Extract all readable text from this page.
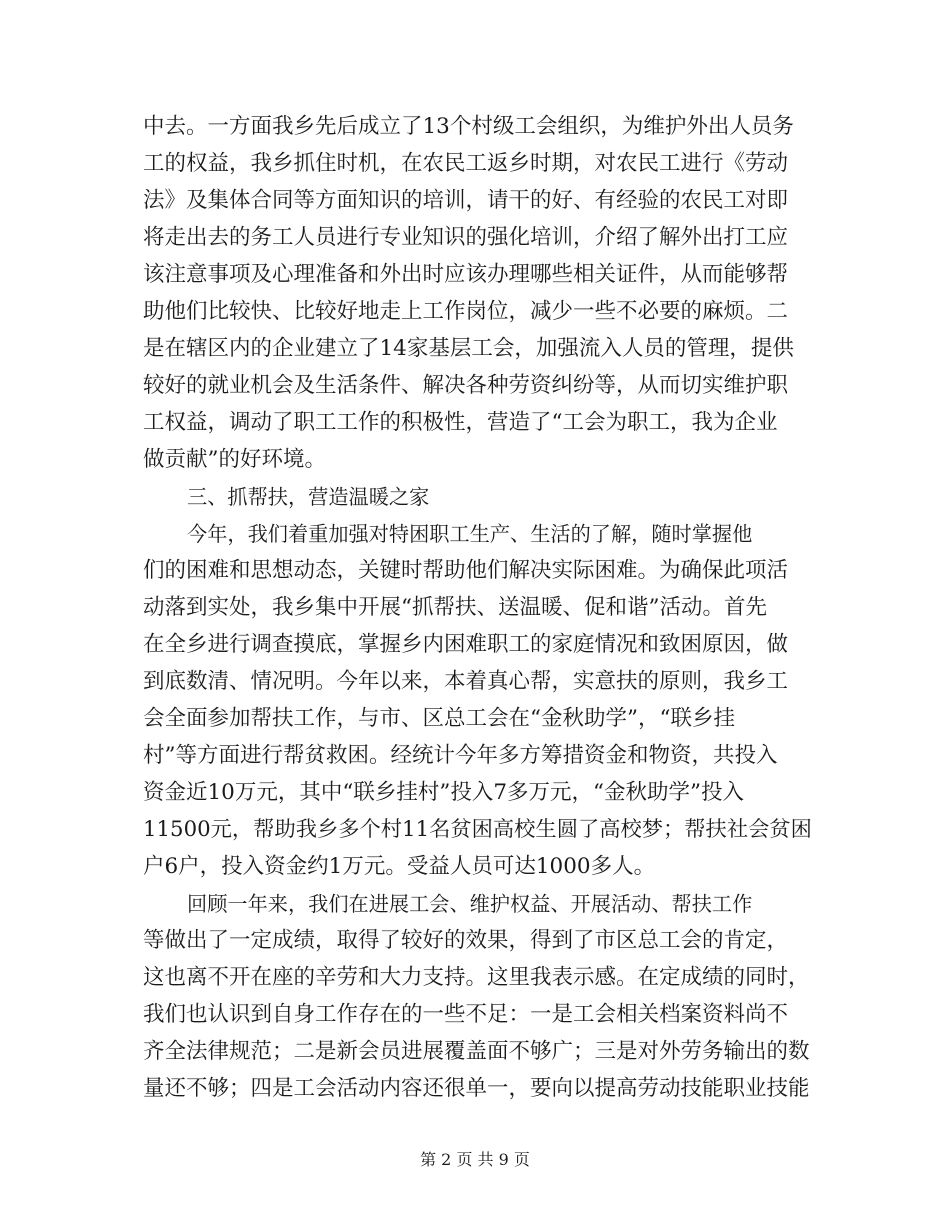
中去。一方面我乡先后成立了13个村级工会组织，为维护外出人员务
工的权益，我乡抓住时机，在农民工返乡时期，对农民工进行《劳动
法》及集体合同等方面知识的培训，请干的好、有经验的农民工对即
将走出去的务工人员进行专业知识的强化培训，介绍了解外出打工应
该注意事项及心理准备和外出时应该办理哪些相关证件，从而能够帮
助他们比较快、比较好地走上工作岗位，减少一些不必要的麻烦。二
是在辖区内的企业建立了14家基层工会，加强流入人员的管理，提供
较好的就业机会及生活条件、解决各种劳资纠纷等，从而切实维护职
工权益，调动了职工工作的积极性，营造了“工会为职工，我为企业
做贡献”的好环境。
三、抓帮扶，营造温暖之家
今年，我们着重加强对特困职工生产、生活的了解，随时掌握他
们的困难和思想动态，关键时帮助他们解决实际困难。为确保此项活
动落到实处，我乡集中开展“抓帮扶、送温暖、促和谐”活动。首先
在全乡进行调查摸底，掌握乡内困难职工的家庭情况和致困原因，做
到底数清、情况明。今年以来，本着真心帮，实意扶的原则，我乡工
会全面参加帮扶工作，与市、区总工会在“金秋助学”，“联乡挂
村”等方面进行帮贫救困。经统计今年多方筹措资金和物资，共投入
资金近10万元，其中“联乡挂村”投入7多万元，“金秋助学”投入
11500元，帮助我乡多个村11名贫困高校生圆了高校梦；帮扶社会贫困
户6户，投入资金约1万元。受益人员可达1000多人。
回顾一年来，我们在进展工会、维护权益、开展活动、帮扶工作
等做出了一定成绩，取得了较好的效果，得到了市区总工会的肯定，
这也离不开在座的辛劳和大力支持。这里我表示感。在定成绩的同时，
我们也认识到自身工作存在的一些不足：一是工会相关档案资料尚不
齐全法律规范；二是新会员进展覆盖面不够广；三是对外劳务输出的数
量还不够；四是工会活动内容还很单一，要向以提高劳动技能职业技能
第 2 页 共 9 页
